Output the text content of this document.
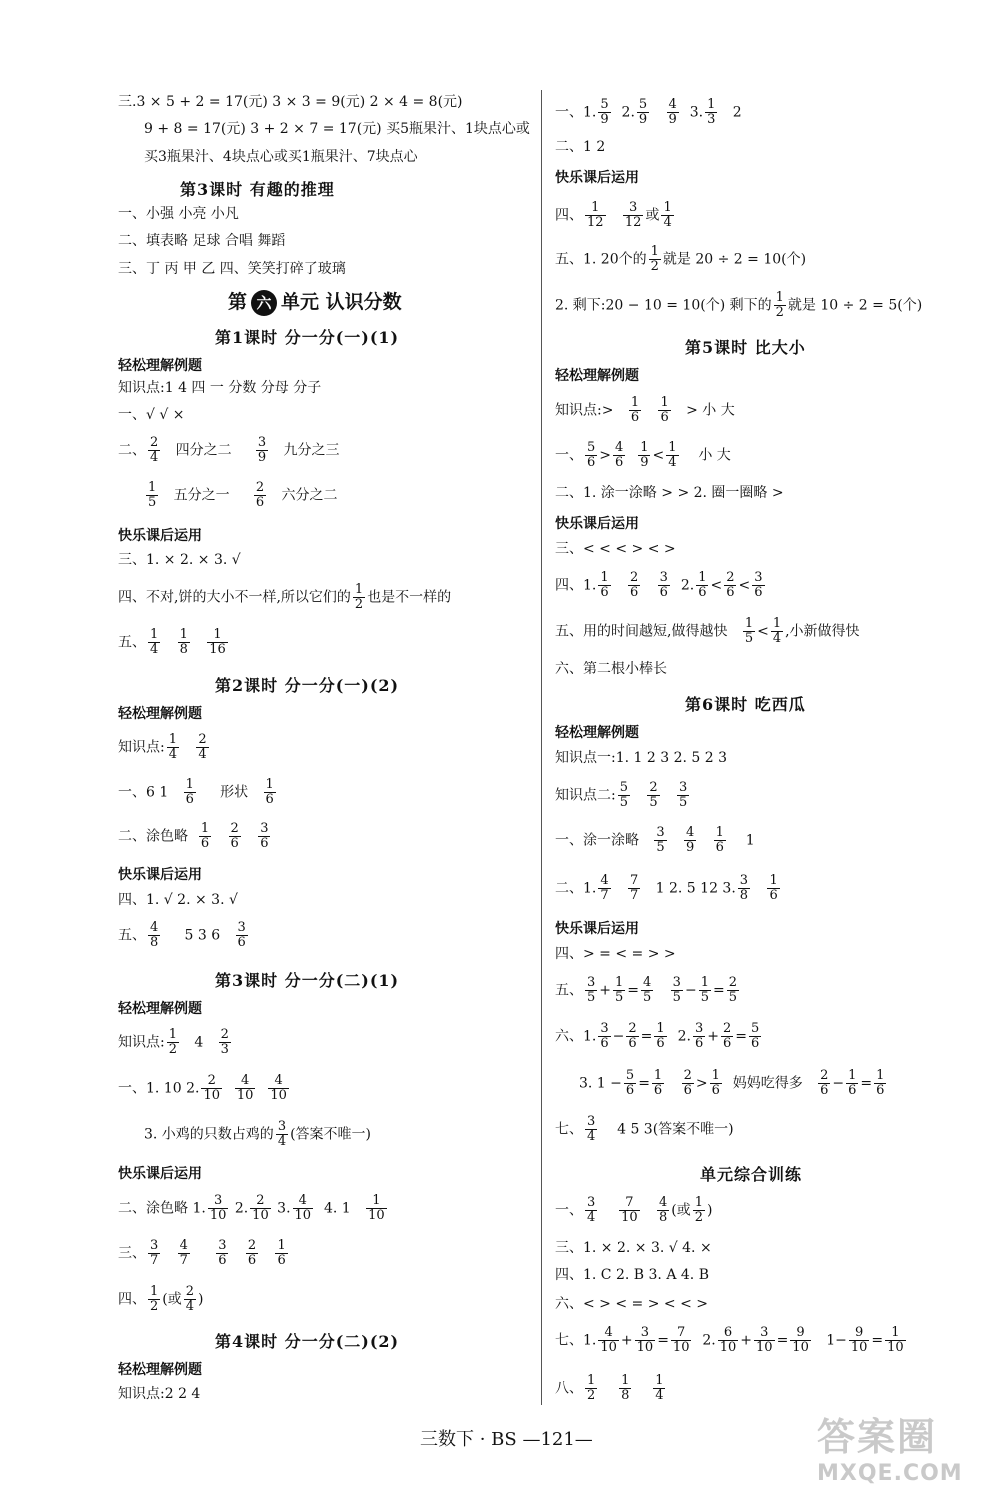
三.3 × 5 + 2 = 17(元) 3 × 3 = 9(元) 2 × 4 = 8(元)
9 + 8 = 17(元) 3 + 2 × 7 = 17(元) 买5瓶果汁、1块点心或
买3瓶果汁、4块点心或买1瓶果汁、7块点心
第3课时 有趣的推理
一、小强 小亮 小凡
二、填表略 足球 合唱 舞蹈
三、丁 丙 甲 乙 四、笑笑打碎了玻璃
第 六 单元 认识分数
第1课时 分一分(一)(1)
轻松理解例题
知识点:1 4 四 一 分数 分母 分子
一、√ √ ×
二、 $\frac{2}{4}$ 四分之二 $\frac{3}{9}$ 九分之三
$\frac{1}{5}$ 五分之一 $\frac{2}{6}$ 六分之二
快乐课后运用
三、1. × 2. × 3. √
四、不对,饼的大小不一样,所以它们的 $\frac{1}{2}$ 也是不一样的
五、 $\frac{1}{4}$
$\frac{1}{8}$
$\frac{1}{16}$
第2课时 分一分(一)(2)
轻松理解例题
知识点: $\frac{1}{4}$
$\frac{2}{4}$
一、6 $1 \frac{1}{6}$ 形状 $\frac{1}{6}$
二、涂色略 $\frac{1}{6}$
$\frac{2}{6}$
$\frac{3}{6}$
快乐课后运用
四、1. √ 2. × 3. √
五、 $\frac{4}{8} 5$ 3 $6 \frac{3}{6}$
第3课时 分一分(二)(1)
轻松理解例题
知识点: $\frac{1}{2} 4 \frac{2}{3}$
一、1. 10 2. $\frac{2}{10}$
$\frac{4}{10}$
$\frac{4}{10}$
3. 小鸡的只数占鸡的 $\frac{3}{4}$ (答案不唯一)
快乐课后运用
二、涂色略 1. $\frac{3}{10} 2$. $\frac{2}{10} 3$. $\frac{4}{10} 4$. $1 \frac{1}{10}$
三、 $\frac{3}{7}$
$\frac{4}{7}$
$\frac{3}{6}$
$\frac{2}{6}$
$\frac{1}{6}$
四、 $\frac{1}{2}$ (或 $\frac{2}{4}$ )
第4课时 分一分(二)(2)
轻松理解例题
知识点:2 2 4
一、1. $\frac{5}{9} 2$. $\frac{5}{9}$
$\frac{4}{9} 3$. $\frac{1}{3} 2$
二、1 2
快乐课后运用
四、 $\frac{1}{12}$
$\frac{3}{12}$ 或 $\frac{1}{4}$
五、1. 20个的 $\frac{1}{2}$ 就是 20 ÷ 2 = 10(个)
2. 剩下:20 − 10 = 10(个) 剩下的 $\frac{1}{2}$ 就是 10 ÷ 2 = 5(个)
第5课时 比大小
轻松理解例题
知识点:> $\frac{1}{6}$
$\frac{1}{6}$ > 小 大
一、 $\frac{5}{6} > \frac{4}{6}$
$\frac{1}{9} < \frac{1}{4}$ 小 大
二、1. 涂一涂略 > > 2. 圈一圈略 >
快乐课后运用
三、< < < > < >
四、1. $\frac{1}{6}$
$\frac{2}{6}$
$\frac{3}{6} 2$. $\frac{1}{6} < \frac{2}{6} < \frac{3}{6}$
五、用的时间越短,做得越快 $\frac{1}{5} < \frac{1}{4}$ ,小新做得快
六、第二根小棒长
第6课时 吃西瓜
轻松理解例题
知识点一:1. 1 2 3 2. 5 2 3
知识点二: $\frac{5}{5}$
$\frac{2}{5}$
$\frac{3}{5}$
一、涂一涂略 $\frac{3}{5}$
$\frac{4}{9}$
$\frac{1}{6} 1$
二、1. $\frac{4}{7}$
$\frac{7}{7} 1$ 2. 5 12 3. $\frac{3}{8}$
$\frac{1}{6}$
快乐课后运用
四、> = < = > >
五、 $\frac{3}{5} + \frac{1}{5} = \frac{4}{5}$
$\frac{3}{5} - \frac{1}{5} = \frac{2}{5}$
六、1. $\frac{3}{6} - \frac{2}{6} = \frac{1}{6} 2$. $\frac{3}{6} + \frac{2}{6} = \frac{5}{6}$
3. $1 - \frac{5}{6} = \frac{1}{6}$
$\frac{2}{6} > \frac{1}{6}$ 妈妈吃得多 $\frac{2}{6} - \frac{1}{6} = \frac{1}{6}$
七、 $\frac{3}{4} 4$ 5 3(答案不唯一)
单元综合训练
一、 $\frac{3}{4}$
$\frac{7}{10}$
$\frac{4}{8}$ (或 $\frac{1}{2}$ )
三、1. × 2. × 3. √ 4. ×
四、1. C 2. B 3. A 4. B
六、< > < = > < < >
七、1. $\frac{4}{10} + \frac{3}{10} = \frac{7}{10} 2$. $\frac{6}{10} + \frac{3}{10} = \frac{9}{10} 1- \frac{9}{10} = \frac{1}{10}$
八、 $\frac{1}{2}$
$\frac{1}{8}$
$\frac{1}{4}$
三数下 · BS —121—	答案圈
MXQE.COM
